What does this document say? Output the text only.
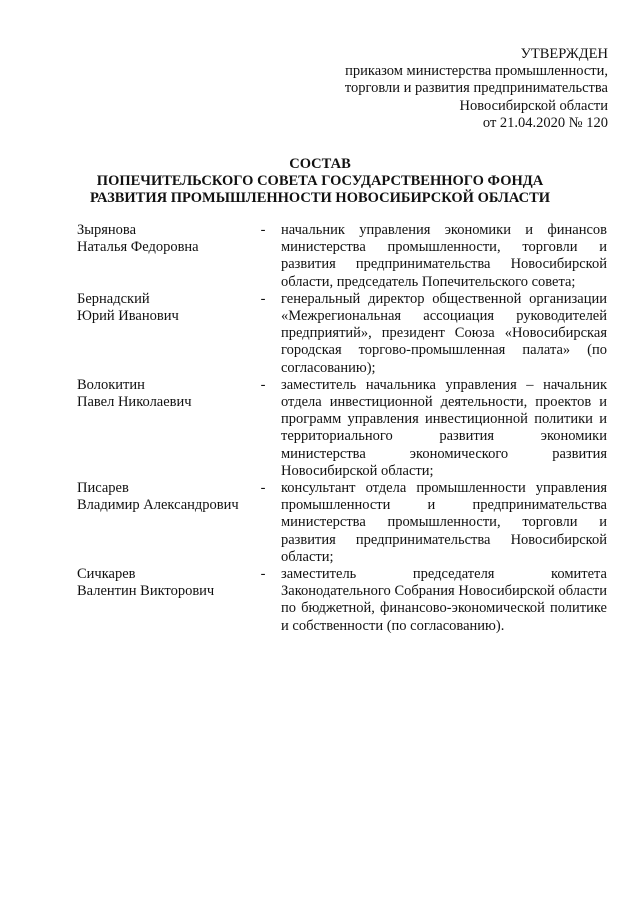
УТВЕРЖДЕН
приказом министерства промышленности,
торговли и развития предпринимательства
Новосибирской области
от 21.04.2020 № 120
СОСТАВ
ПОПЕЧИТЕЛЬСКОГО СОВЕТА ГОСУДАРСТВЕННОГО ФОНДА
РАЗВИТИЯ ПРОМЫШЛЕННОСТИ НОВОСИБИРСКОЙ ОБЛАСТИ
Зырянова
Наталья Федоровна
- начальник управления экономики и финансов министерства промышленности, торговли и развития предпринимательства Новосибирской области, председатель Попечительского совета;
Бернадский
Юрий Иванович
- генеральный директор общественной организации «Межрегиональная ассоциация руководителей предприятий», президент Союза «Новосибирская городская торгово-промышленная палата» (по согласованию);
Волокитин
Павел Николаевич
- заместитель начальника управления – начальник отдела инвестиционной деятельности, проектов и программ управления инвестиционной политики и территориального развития экономики министерства экономического развития Новосибирской области;
Писарев
Владимир Александрович
- консультант отдела промышленности управления промышленности и предпринимательства министерства промышленности, торговли и развития предпринимательства Новосибирской области;
Сичкарев
Валентин Викторович
- заместитель председателя комитета Законодательного Собрания Новосибирской области по бюджетной, финансово-экономической политике и собственности (по согласованию).
